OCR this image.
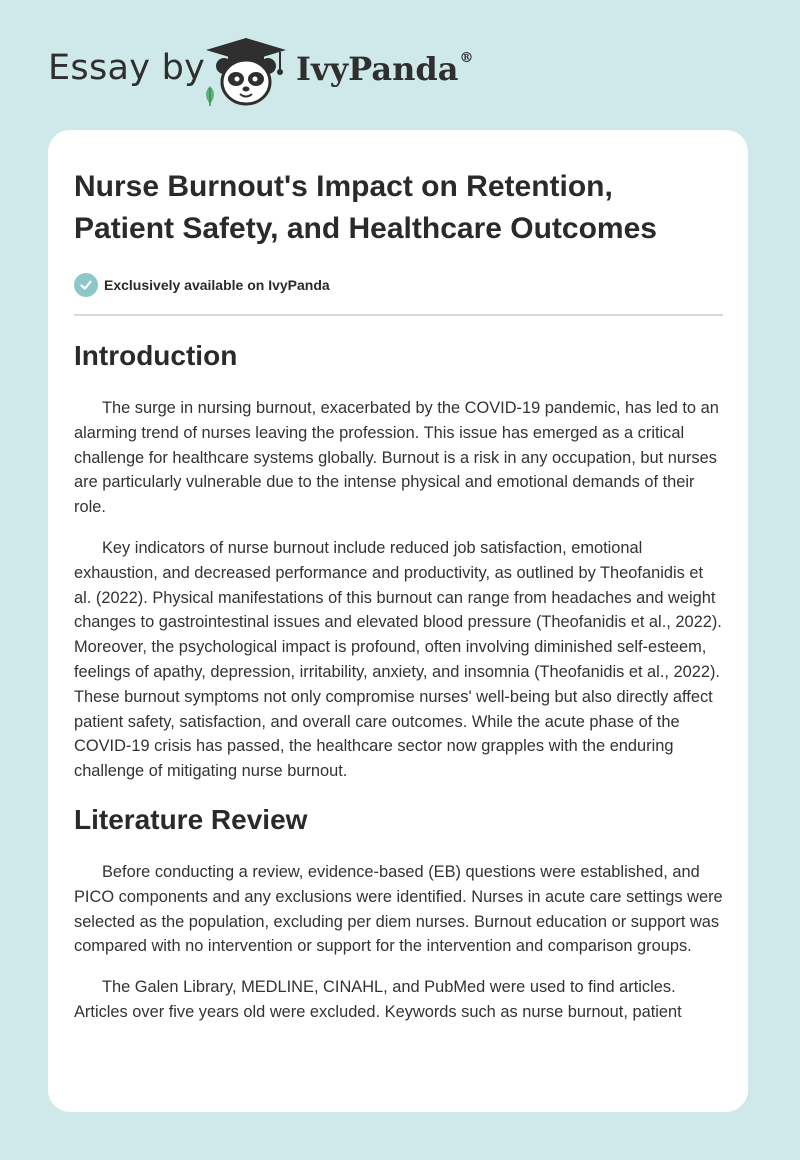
Essay by	IvyPanda®
Nurse Burnout's Impact on Retention, Patient Safety, and Healthcare Outcomes
Exclusively available on IvyPanda
Introduction

The surge in nursing burnout, exacerbated by the COVID-19 pandemic, has led to an alarming trend of nurses leaving the profession. This issue has emerged as a critical challenge for healthcare systems globally. Burnout is a risk in any occupation, but nurses are particularly vulnerable due to the intense physical and emotional demands of their role.

Key indicators of nurse burnout include reduced job satisfaction, emotional exhaustion, and decreased performance and productivity, as outlined by Theofanidis et al. (2022). Physical manifestations of this burnout can range from headaches and weight changes to gastrointestinal issues and elevated blood pressure (Theofanidis et al., 2022). Moreover, the psychological impact is profound, often involving diminished self-esteem, feelings of apathy, depression, irritability, anxiety, and insomnia (Theofanidis et al., 2022). These burnout symptoms not only compromise nurses' well-being but also directly affect patient safety, satisfaction, and overall care outcomes. While the acute phase of the COVID-19 crisis has passed, the healthcare sector now grapples with the enduring challenge of mitigating nurse burnout.

Literature Review

Before conducting a review, evidence-based (EB) questions were established, and PICO components and any exclusions were identified. Nurses in acute care settings were selected as the population, excluding per diem nurses. Burnout education or support was compared with no intervention or support for the intervention and comparison groups.

The Galen Library, MEDLINE, CINAHL, and PubMed were used to find articles. Articles over five years old were excluded. Keywords such as nurse burnout, patient
